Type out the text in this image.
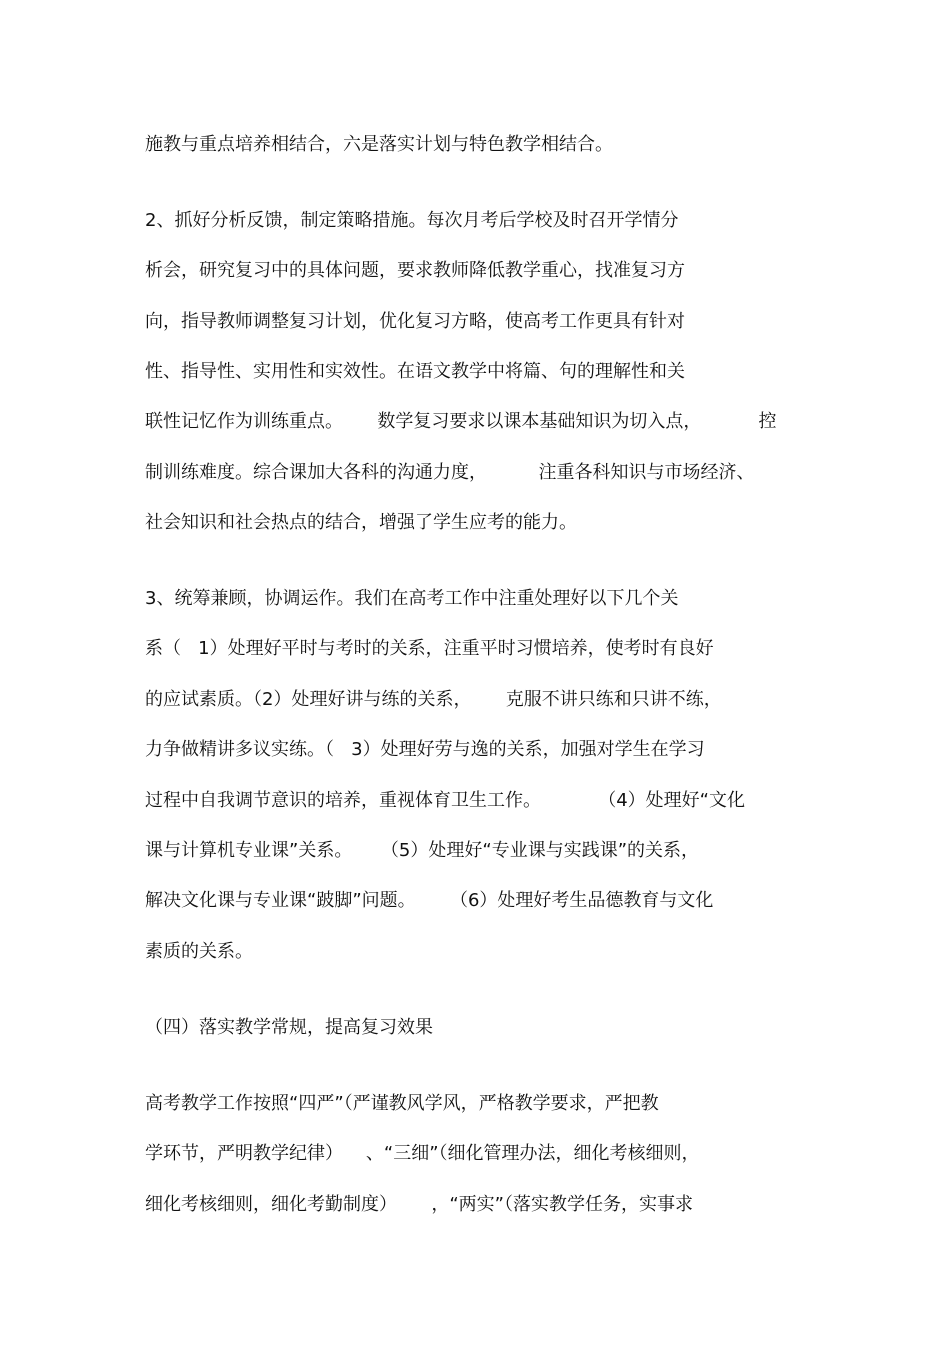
施教与重点培养相结合，六是落实计划与特色教学相结合。
2、抓好分析反馈，制定策略措施。每次月考后学校及时召开学情分
析会，研究复习中的具体问题，要求教师降低教学重心，找准复习方
向，指导教师调整复习计划，优化复习方略，使高考工作更具有针对
性、指导性、实用性和实效性。在语文教学中将篇、句的理解性和关
联性记忆作为训练重点。      数学复习要求以课本基础知识为切入点，          控
制训练难度。综合课加大各科的沟通力度，         注重各科知识与市场经济、
社会知识和社会热点的结合，增强了学生应考的能力。
3、统筹兼顾，协调运作。我们在高考工作中注重处理好以下几个关
系（   1）处理好平时与考时的关系，注重平时习惯培养，使考时有良好
的应试素质。（2）处理好讲与练的关系，      克服不讲只练和只讲不练，
力争做精讲多议实练。（   3）处理好劳与逸的关系，加强对学生在学习
过程中自我调节意识的培养，重视体育卫生工作。          （4）处理好“文化
课与计算机专业课”关系。     （5）处理好“专业课与实践课”的关系，
解决文化课与专业课“跛脚”问题。      （6）处理好考生品德教育与文化
素质的关系。
（四）落实教学常规，提高复习效果
高考教学工作按照“四严”（严谨教风学风，严格教学要求，严把教
学环节，严明教学纪律）    、“三细”（细化管理办法，细化考核细则，
细化考核细则，细化考勤制度）      ，“两实”（落实教学任务，实事求
